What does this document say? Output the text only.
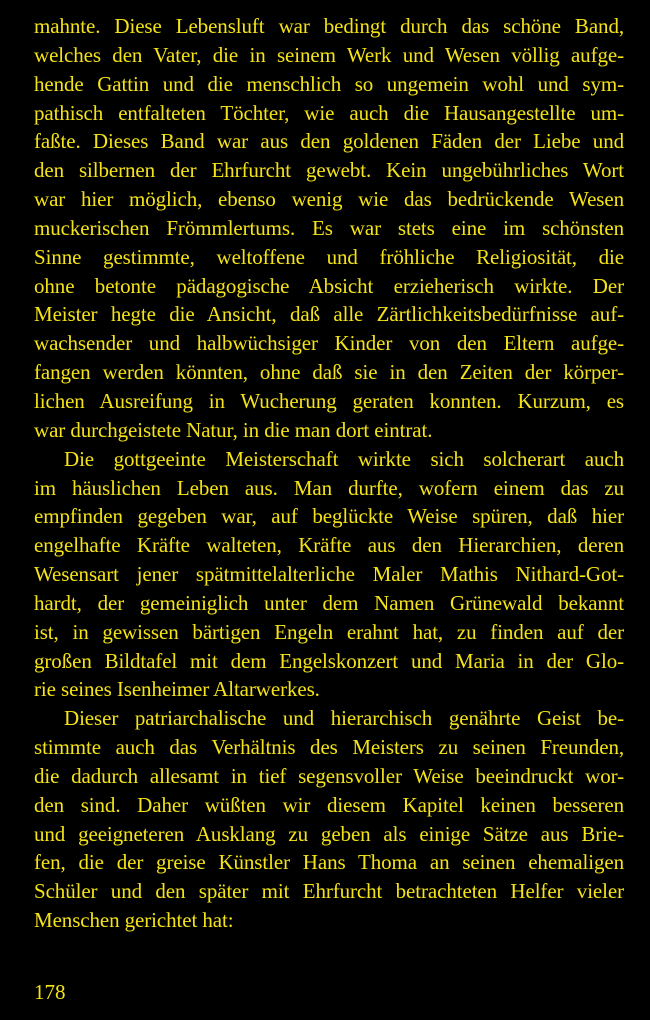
mahnte. Diese Lebensluft war bedingt durch das schöne Band,
welches den Vater, die in seinem Werk und Wesen völlig aufge-
hende Gattin und die menschlich so ungemein wohl und sym-
pathisch entfalteten Töchter, wie auch die Hausangestellte um-
faßte. Dieses Band war aus den goldenen Fäden der Liebe und
den silbernen der Ehrfurcht gewebt. Kein ungebührliches Wort
war hier möglich, ebenso wenig wie das bedrückende Wesen
muckerischen Frömmlertums. Es war stets eine im schönsten
Sinne gestimmte, weltoffene und fröhliche Religiosität, die
ohne betonte pädagogische Absicht erzieherisch wirkte. Der
Meister hegte die Ansicht, daß alle Zärtlichkeitsbedürfnisse auf-
wachsender und halbwüchsiger Kinder von den Eltern aufge-
fangen werden könnten, ohne daß sie in den Zeiten der körper-
lichen Ausreifung in Wucherung geraten konnten. Kurzum, es
war durchgeistete Natur, in die man dort eintrat.
Die gottgeeinte Meisterschaft wirkte sich solcherart auch
im häuslichen Leben aus. Man durfte, wofern einem das zu
empfinden gegeben war, auf beglückte Weise spüren, daß hier
engelhafte Kräfte walteten, Kräfte aus den Hierarchien, deren
Wesensart jener spätmittelalterliche Maler Mathis Nithard-Got-
hardt, der gemeiniglich unter dem Namen Grünewald bekannt
ist, in gewissen bärtigen Engeln erahnt hat, zu finden auf der
großen Bildtafel mit dem Engelskonzert und Maria in der Glo-
rie seines Isenheimer Altarwerkes.
Dieser patriarchalische und hierarchisch genährte Geist be-
stimmte auch das Verhältnis des Meisters zu seinen Freunden,
die dadurch allesamt in tief segensvoller Weise beeindruckt wor-
den sind. Daher wüßten wir diesem Kapitel keinen besseren
und geeigneteren Ausklang zu geben als einige Sätze aus Brie-
fen, die der greise Künstler Hans Thoma an seinen ehemaligen
Schüler und den später mit Ehrfurcht betrachteten Helfer vieler
Menschen gerichtet hat:
178
